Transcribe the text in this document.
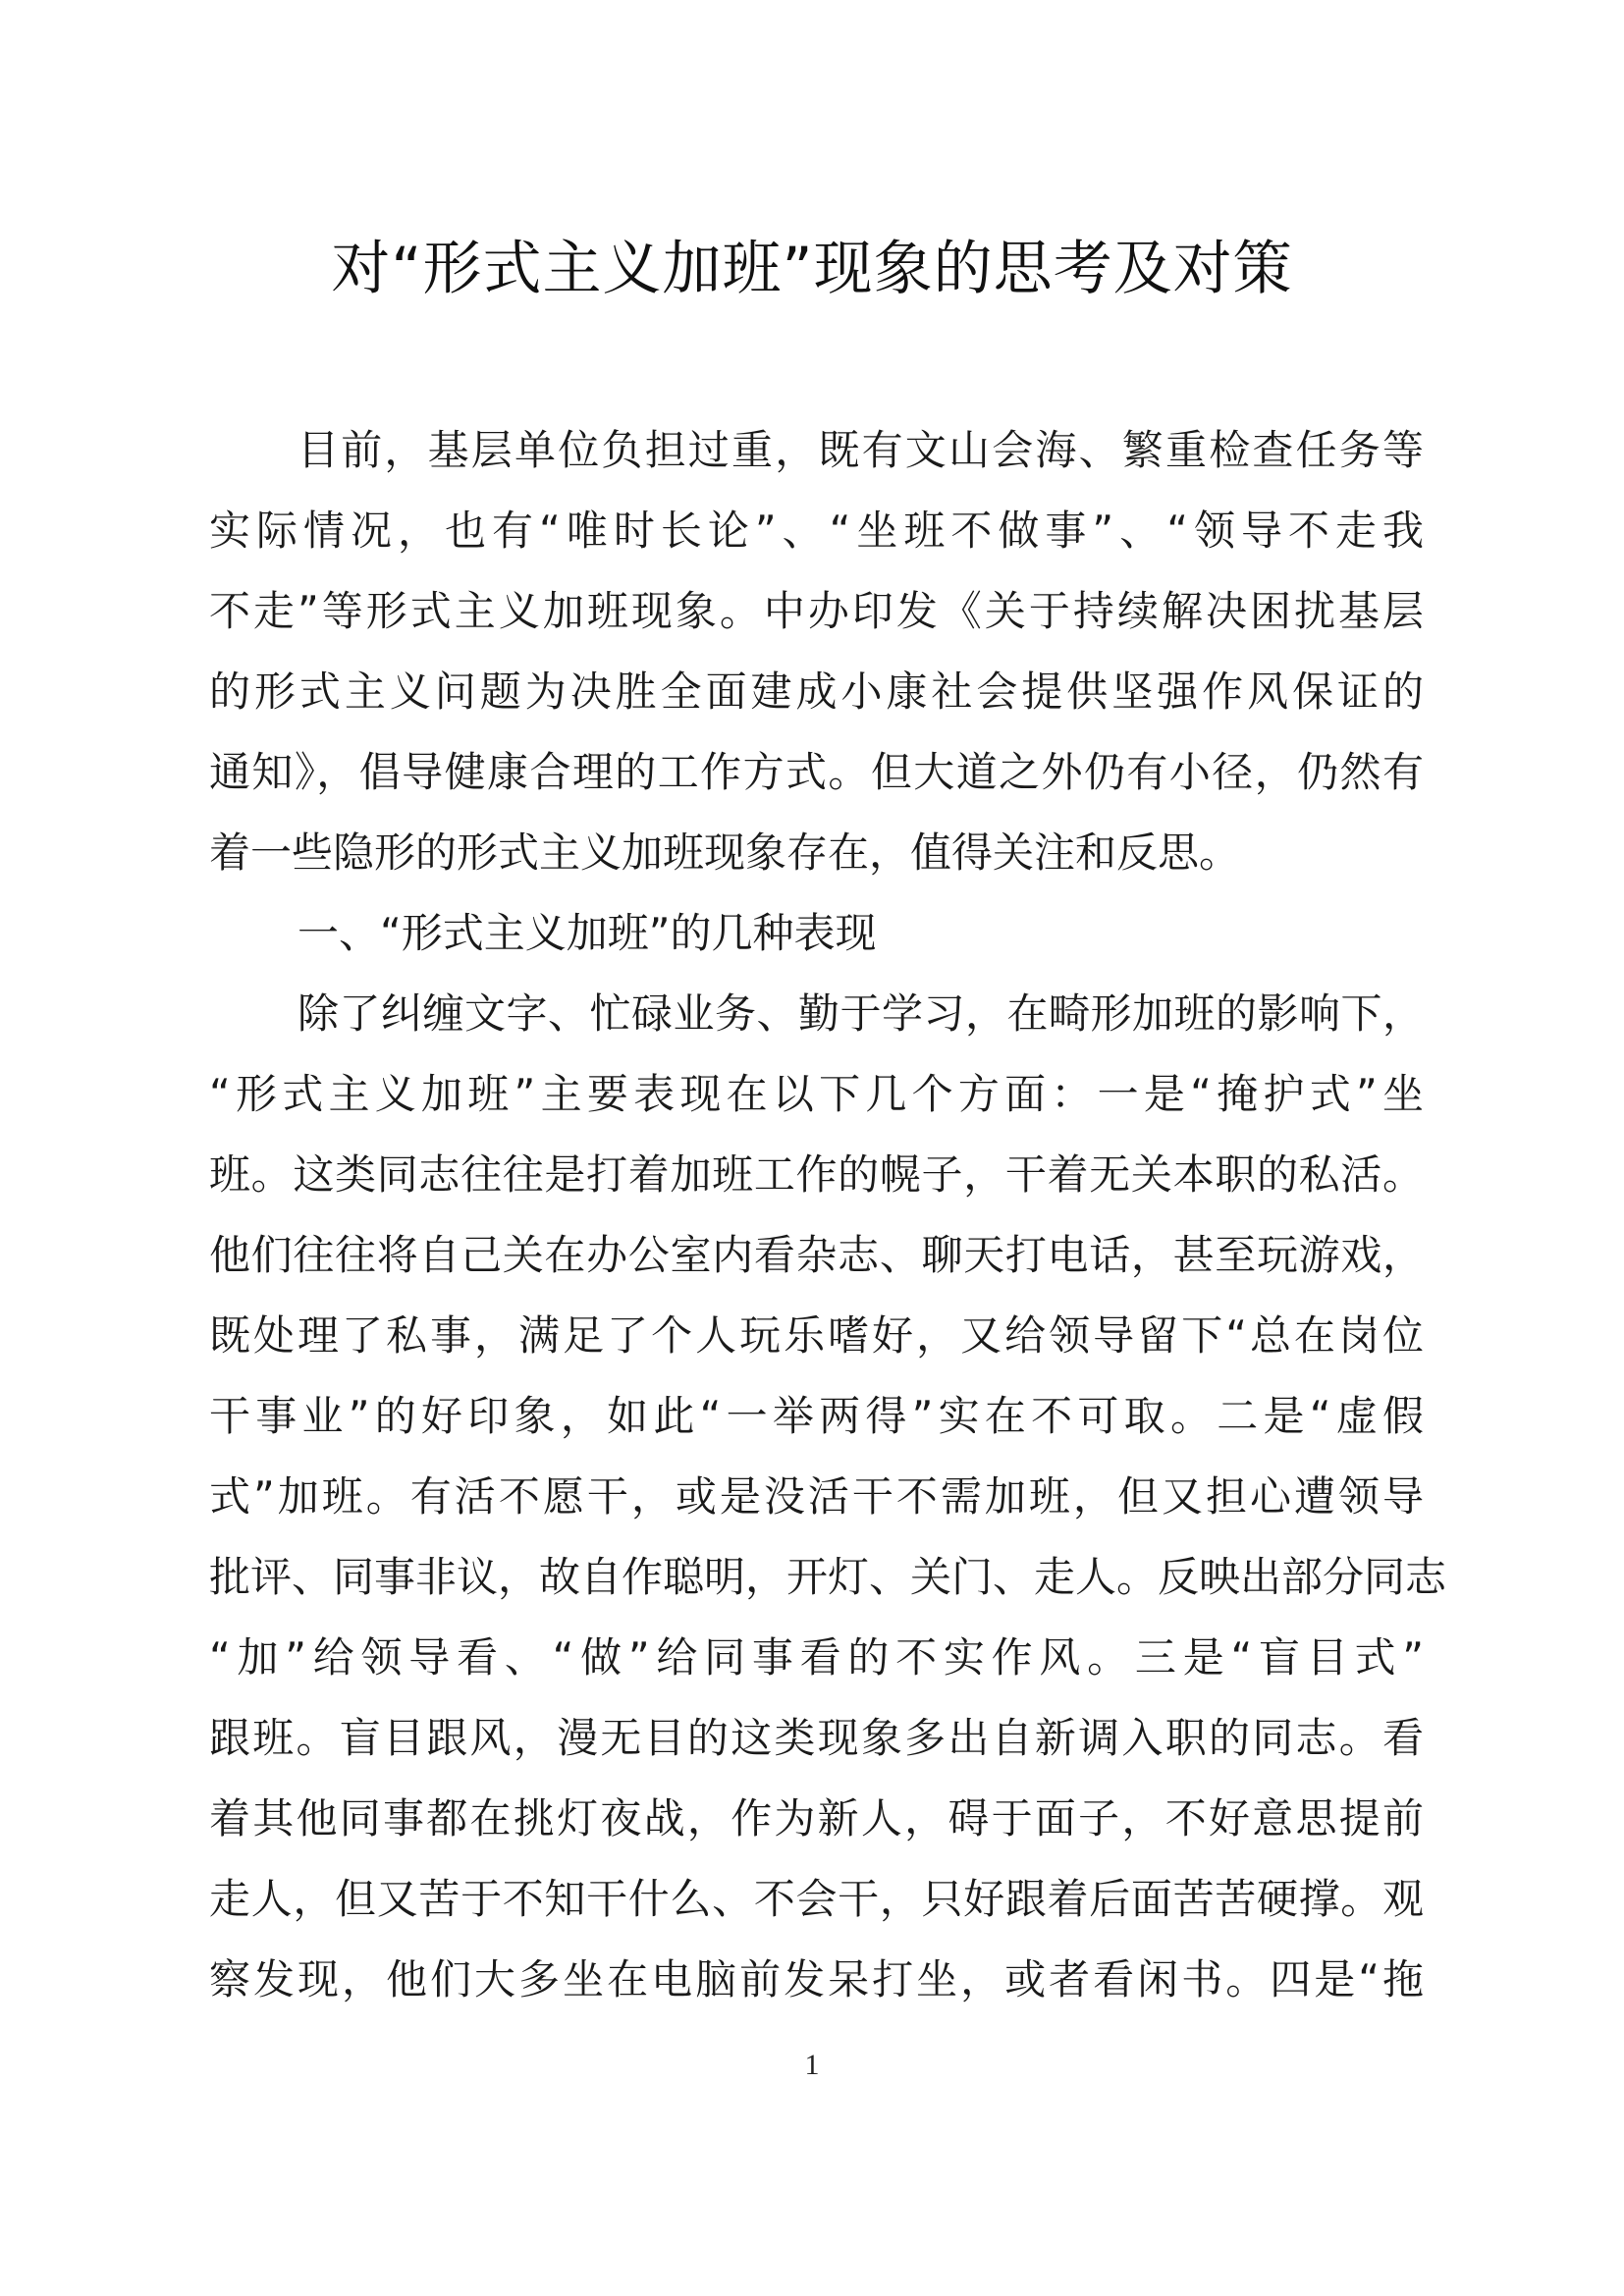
对“形式主义加班”现象的思考及对策
目前，基层单位负担过重，既有文山会海、繁重检查任务等
实际情况，也有“唯时长论”、“坐班不做事”、“领导不走我
不走”等形式主义加班现象。中办印发《关于持续解决困扰基层
的形式主义问题为决胜全面建成小康社会提供坚强作风保证的
通知》，倡导健康合理的工作方式。但大道之外仍有小径，仍然有
着一些隐形的形式主义加班现象存在，值得关注和反思。
一、“形式主义加班”的几种表现
除了纠缠文字、忙碌业务、勤于学习，在畸形加班的影响下，
“形式主义加班”主要表现在以下几个方面：一是“掩护式”坐
班。这类同志往往是打着加班工作的幌子，干着无关本职的私活。
他们往往将自己关在办公室内看杂志、聊天打电话，甚至玩游戏，
既处理了私事，满足了个人玩乐嗜好，又给领导留下“总在岗位
干事业”的好印象，如此“一举两得”实在不可取。二是“虚假
式”加班。有活不愿干，或是没活干不需加班，但又担心遭领导
批评、同事非议，故自作聪明，开灯、关门、走人。反映出部分同志
“加”给领导看、“做”给同事看的不实作风。三是“盲目式”
跟班。盲目跟风，漫无目的这类现象多出自新调入职的同志。看
着其他同事都在挑灯夜战，作为新人，碍于面子，不好意思提前
走人，但又苦于不知干什么、不会干，只好跟着后面苦苦硬撑。观
察发现，他们大多坐在电脑前发呆打坐，或者看闲书。四是“拖
1
